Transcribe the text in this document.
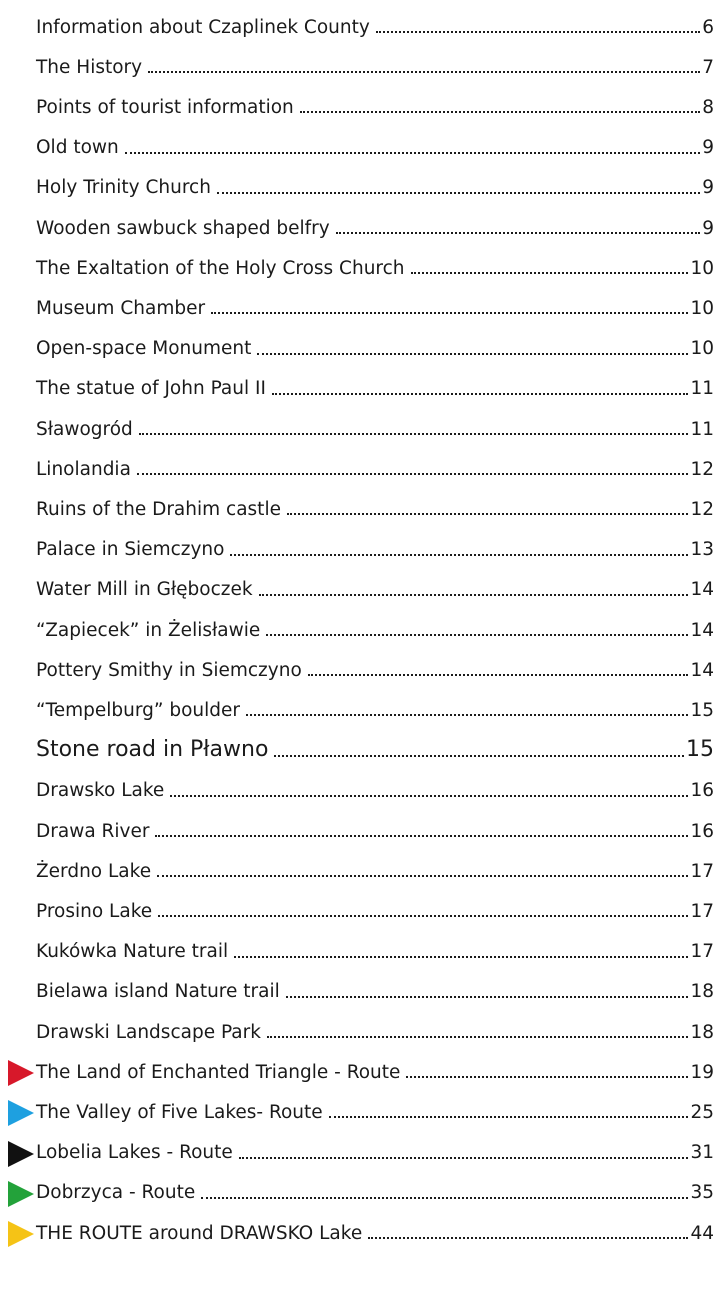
Information about Czaplinek County	6
The History	7
Points of tourist information	8
Old town	9
Holy Trinity Church	9
Wooden sawbuck shaped belfry	9
The Exaltation of the Holy Cross Church	10
Museum Chamber	10
Open-space Monument	10
The statue of John Paul II	11
Sławogród	11
Linolandia	12
Ruins of the Drahim castle	12
Palace in Siemczyno	13
Water Mill in Głęboczek	14
“Zapiecek” in Żelisławie	14
Pottery Smithy in Siemczyno	14
“Tempelburg” boulder	15
Stone road in Pławno	15
Drawsko Lake	16
Drawa River	16
Żerdno Lake	17
Prosino Lake	17
Kukówka Nature trail	17
Bielawa island Nature trail	18
Drawski Landscape Park	18
The Land of Enchanted Triangle - Route	19
The Valley of Five Lakes- Route	25
Lobelia Lakes - Route	31
Dobrzyca - Route	35
THE ROUTE around DRAWSKO Lake	44
